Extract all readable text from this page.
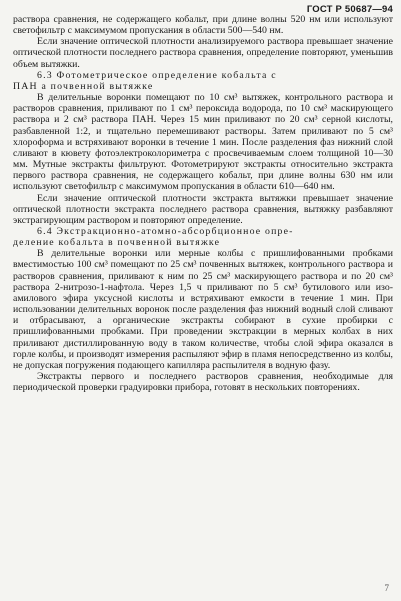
ГОСТ Р 50687—94

раствора сравнения, не содержащего кобальт, при длине волны 520 нм или используют светофильтр с максимумом пропускания в области 500—540 нм.

Если значение оптической плотности анализируемого раствора превышает значение оптической плотности последнего раствора сравнения, определение повторяют, уменьшив объем вытяжки.

6.3 Фотометрическое определение кобальта с
ПАН а почвенной вытяжке

В делительные воронки помещают по 10 см³ вытяжек, контрольного раствора и растворов сравнения, приливают по 1 см³ пероксида водорода, по 10 см³ маскирующего раствора и 2 см³ раствора ПАН. Через 15 мин приливают по 20 см³ серной кислоты, разбавленной 1:2, и тщательно перемешивают растворы. Затем приливают по 5 см³ хлороформа и встряхивают воронки в течение 1 мин. После разделения фаз нижний слой сливают в кювету фотоэлектроколориметра с просвечиваемым слоем толщиной 10—30 мм. Мутные экстракты фильтруют. Фотометрируют экстракты относительно экстракта первого раствора сравнения, не содержащего кобальт, при длине волны 630 нм или используют светофильтр с максимумом пропускания в области 610—640 нм.

Если значение оптической плотности экстракта вытяжки превышает значение оптической плотности экстракта последнего раствора сравнения, вытяжку разбавляют экстрагирующим раствором и повторяют определение.

6.4 Экстракционно-атомно-абсорбционное опре-
деление кобальта в почвенной вытяжке

В делительные воронки или мерные колбы с пришлифованными пробками вместимостью 100 см³ помещают по 25 см³ почвенных вытяжек, контрольного раствора и растворов сравнения, приливают к ним по 25 см³ маскирующего раствора и по 20 см³ раствора 2-нитрозо-1-нафтола. Через 1,5 ч приливают по 5 см³ бутилового или изо-амилового эфира уксусной кислоты и встряхивают емкости в течение 1 мин. При использовании делительных воронок после разделения фаз нижний водный слой сливают и отбрасывают, а органические экстракты собирают в сухие пробирки с пришлифованными пробками. При проведении экстракции в мерных колбах в них приливают дистиллированную воду в таком количестве, чтобы слой эфира оказался в горле колбы, и производят измерения распыляют эфир в пламя непосредственно из колбы, не допуская погружения подающего капилляра распылителя в водную фазу.

Экстракты первого и последнего растворов сравнения, необходимые для периодической проверки градуировки прибора, готовят в нескольких повторениях.

7
